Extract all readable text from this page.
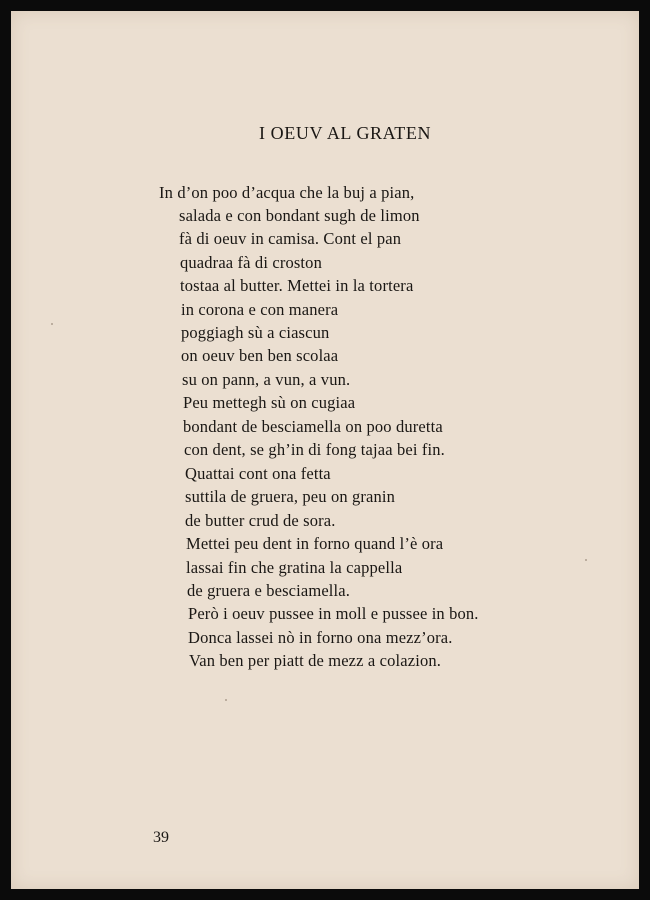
I OEUV AL GRATEN
In d’on poo d’acqua che la buj a pian,
salada e con bondant sugh de limon
fà di oeuv in camisa. Cont el pan
quadraa fà di croston
tostaa al butter. Mettei in la tortera
in corona e con manera
poggiagh sù a ciascun
on oeuv ben ben scolaa
su on pann, a vun, a vun.
Peu mettegh sù on cugiaa
bondant de besciamella on poo duretta
con dent, se gh’in di fong tajaa bei fin.
Quattai cont ona fetta
suttila de gruera, peu on granin
de butter crud de sora.
Mettei peu dent in forno quand l’è ora
lassai fin che gratina la cappella
de gruera e besciamella.
Però i oeuv pussee in moll e pussee in bon.
Donca lassei nò in forno ona mezz’ora.
Van ben per piatt de mezz a colazion.
39
